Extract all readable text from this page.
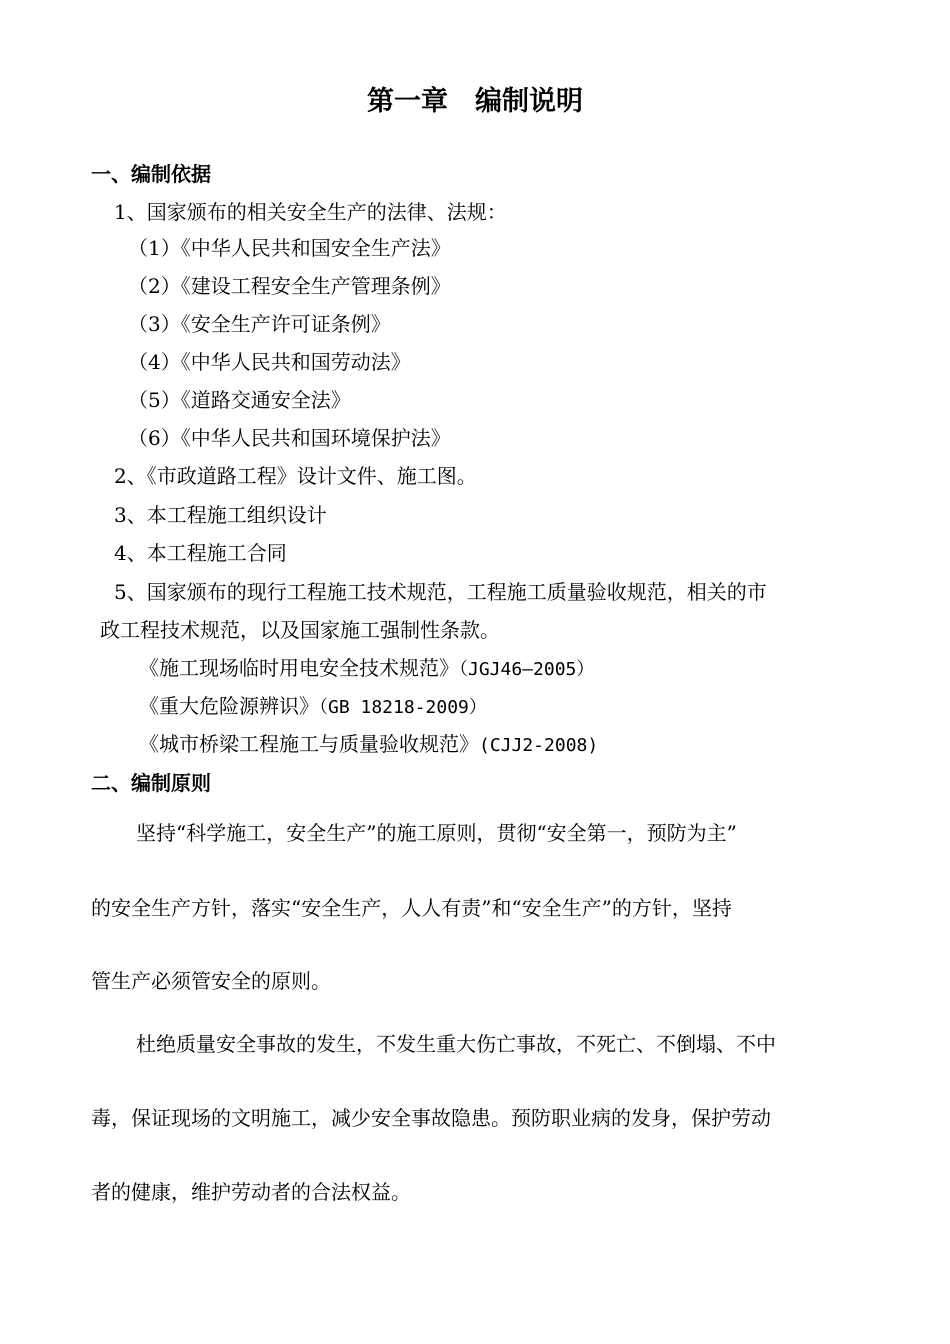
第一章　编制说明
一、编制依据
1、国家颁布的相关安全生产的法律、法规：
（1）《中华人民共和国安全生产法》
（2）《建设工程安全生产管理条例》
（3）《安全生产许可证条例》
（4）《中华人民共和国劳动法》
（5）《道路交通安全法》
（6）《中华人民共和国环境保护法》
2、《市政道路工程》设计文件、施工图。
3、本工程施工组织设计
4、本工程施工合同
5、国家颁布的现行工程施工技术规范，工程施工质量验收规范，相关的市
政工程技术规范，以及国家施工强制性条款。
《施工现场临时用电安全技术规范》（JGJ46—2005）
《重大危险源辨识》（GB 18218-2009）
《城市桥梁工程施工与质量验收规范》(CJJ2-2008)
二、编制原则
坚持“科学施工，安全生产”的施工原则，贯彻“安全第一，预防为主”
的安全生产方针，落实“安全生产，人人有责”和“安全生产”的方针，坚持
管生产必须管安全的原则。
杜绝质量安全事故的发生，不发生重大伤亡事故，不死亡、不倒塌、不中
毒，保证现场的文明施工，减少安全事故隐患。预防职业病的发身，保护劳动
者的健康，维护劳动者的合法权益。
